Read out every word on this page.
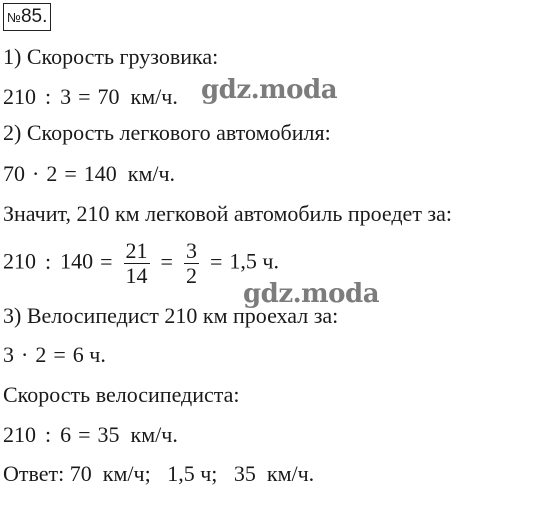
№85.
1) Скорость грузовика:
210 : 3 = 70 км/ч.
2) Скорость легкового автомобиля:
70 · 2 = 140 км/ч.
Значит, 210 км легковой автомобиль проедет за:
210 : $140 = \frac{21}{14} = \frac{3}{2} = 1,5$ ч.
3) Велосипедист 210 км проехал за:
3 · 2 = 6 ч.
Скорость велосипедиста:
210 : 6 = 35 км/ч.
Ответ: 70 км/ч;   1,5 ч;   35 км/ч.
gdz.moda
gdz.moda
